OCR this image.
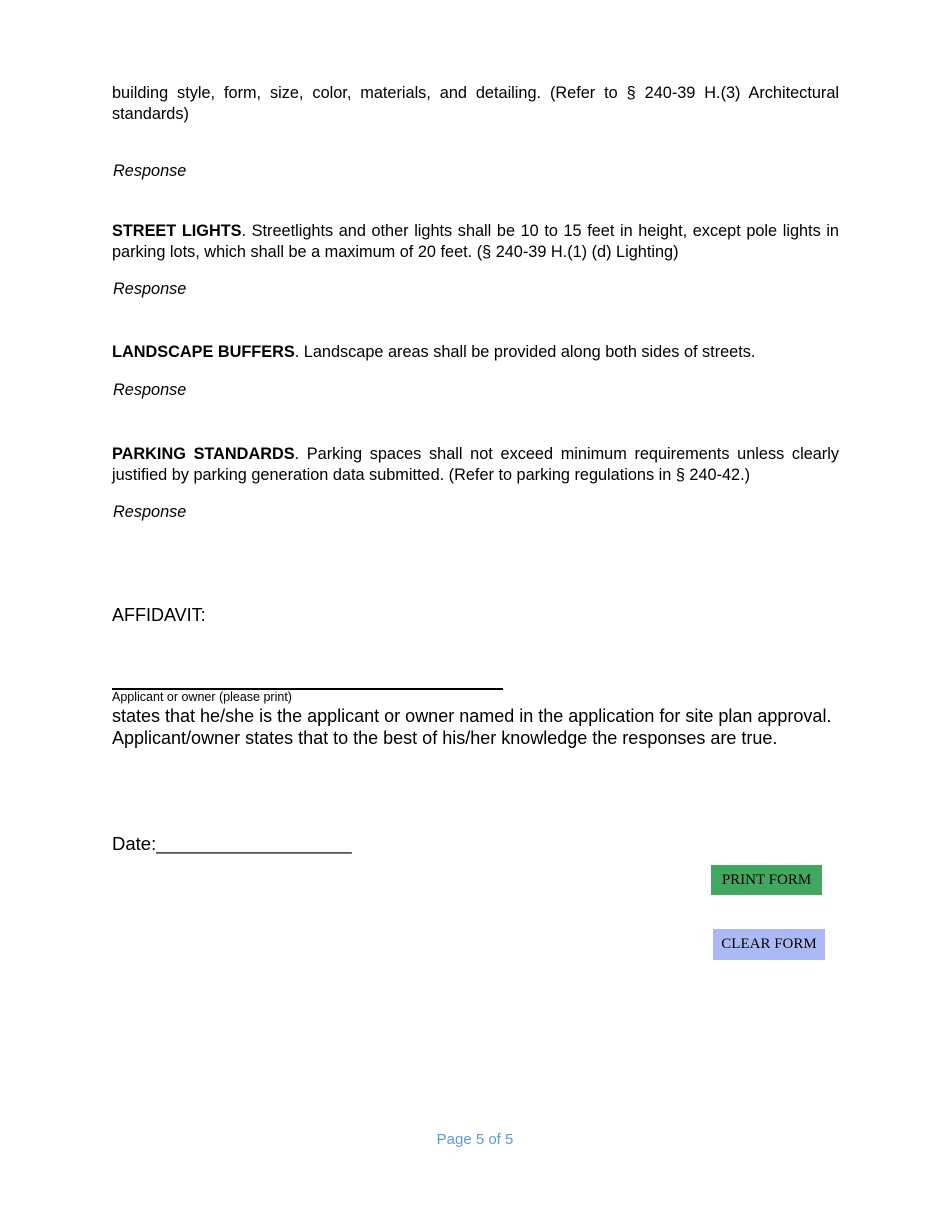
building style, form, size, color, materials, and detailing. (Refer to § 240-39 H.(3) Architectural standards)

Response

STREET LIGHTS. Streetlights and other lights shall be 10 to 15 feet in height, except pole lights in parking lots, which shall be a maximum of 20 feet. (§ 240-39 H.(1) (d) Lighting)

Response

LANDSCAPE BUFFERS. Landscape areas shall be provided along both sides of streets.

Response

PARKING STANDARDS. Parking spaces shall not exceed minimum requirements unless clearly justified by parking generation data submitted. (Refer to parking regulations in § 240-42.)

Response

AFFIDAVIT:

Applicant or owner (please print)

states that he/she is the applicant or owner named in the application for site plan approval. Applicant/owner states that to the best of his/her knowledge the responses are true.

Date:___________________

PRINT FORM
CLEAR FORM

Page 5 of 5
